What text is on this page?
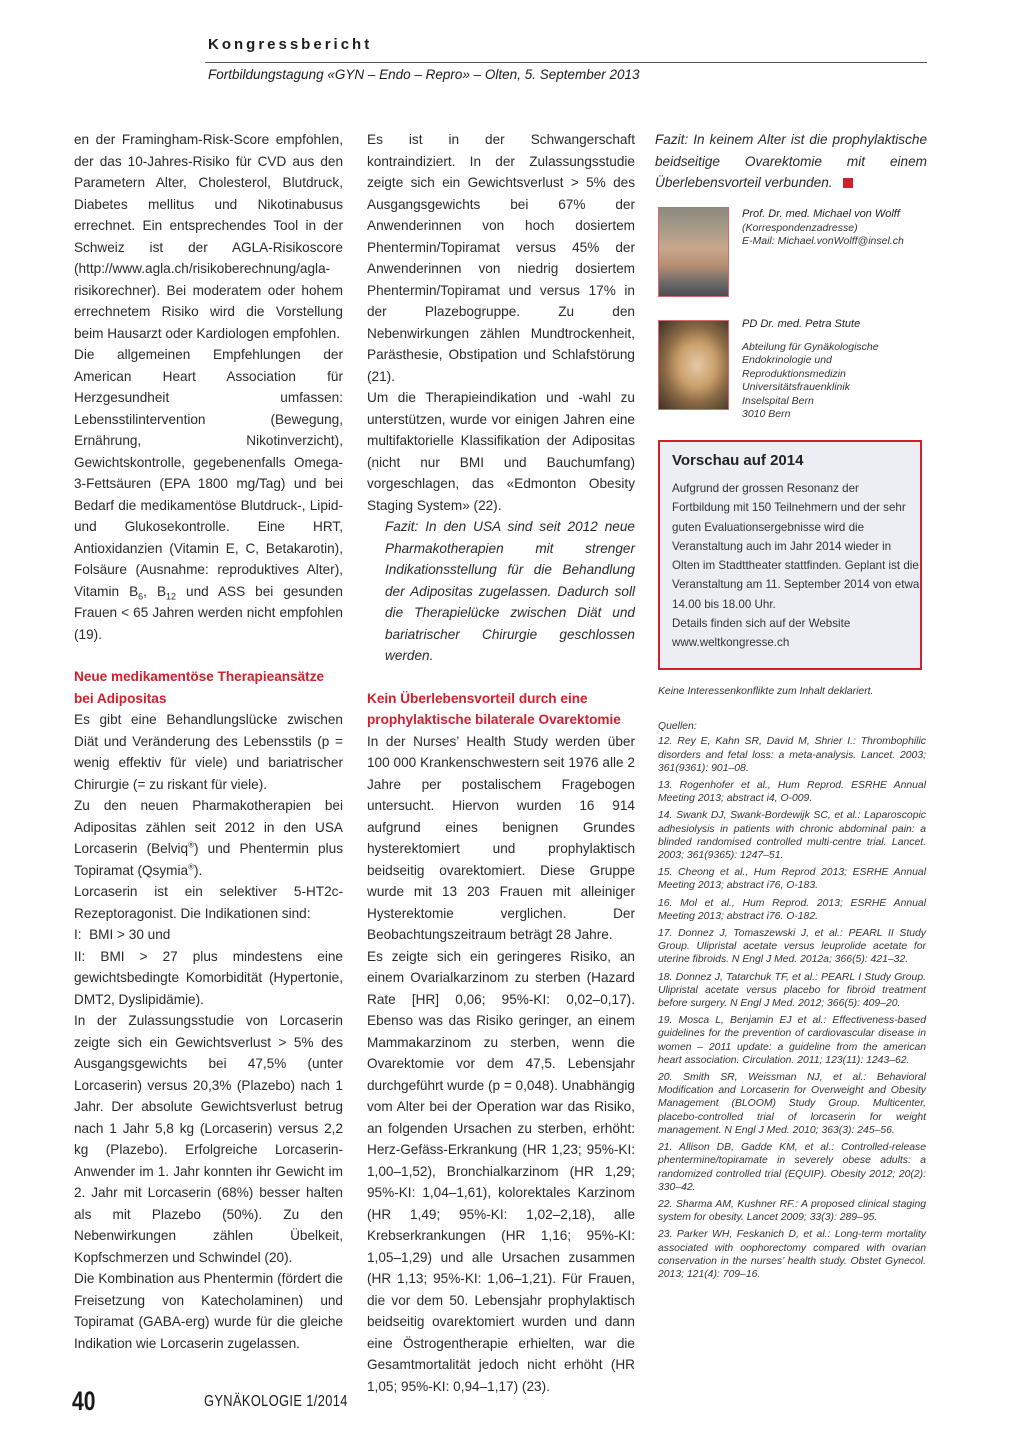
Kongressbericht
Fortbildungstagung «GYN – Endo – Repro» – Olten, 5. September 2013

en der Framingham-Risk-Score empfohlen, der das 10-Jahres-Risiko für CVD aus den Parametern Alter, Cholesterol, Blutdruck, Diabetes mellitus und Nikotinabusus errechnet. Ein entsprechendes Tool in der Schweiz ist der AGLA-Risikoscore (http://www.agla.ch/risikoberechnung/agla-risikorechner). Bei moderatem oder hohem errechnetem Risiko wird die Vorstellung beim Hausarzt oder Kardiologen empfohlen.

Die allgemeinen Empfehlungen der American Heart Association für Herzgesundheit umfassen: Lebensstilintervention (Bewegung, Ernährung, Nikotinverzicht), Gewichtskontrolle, gegebenenfalls Omega-3-Fettsäuren (EPA 1800 mg/Tag) und bei Bedarf die medikamentöse Blutdruck-, Lipid- und Glukosekontrolle. Eine HRT, Antioxidanzien (Vitamin E, C, Betakarotin), Folsäure (Ausnahme: reproduktives Alter), Vitamin $B_6$, $B_{12}$ und ASS bei gesunden Frauen < 65 Jahren werden nicht empfohlen (19).

Neue medikamentöse Therapieansätze bei Adipositas

Es gibt eine Behandlungslücke zwischen Diät und Veränderung des Lebensstils (p = wenig effektiv für viele) und bariatrischer Chirurgie (= zu riskant für viele).

Zu den neuen Pharmakotherapien bei Adipositas zählen seit 2012 in den USA Lorcaserin (Belviq®) und Phentermin plus Topiramat (Qsymia®).

Lorcaserin ist ein selektiver 5-HT2c-Rezeptoragonist. Die Indikationen sind:

I:  BMI > 30 und

II: BMI > 27 plus mindestens eine gewichtsbedingte Komorbidität (Hypertonie, DMT2, Dyslipidämie).

In der Zulassungsstudie von Lorcaserin zeigte sich ein Gewichtsverlust > 5% des Ausgangsgewichts bei 47,5% (unter Lorcaserin) versus 20,3% (Plazebo) nach 1 Jahr. Der absolute Gewichtsverlust betrug nach 1 Jahr 5,8 kg (Lorcaserin) versus 2,2 kg (Plazebo). Erfolgreiche Lorcaserin-Anwender im 1. Jahr konnten ihr Gewicht im 2. Jahr mit Lorcaserin (68%) besser halten als mit Plazebo (50%). Zu den Nebenwirkungen zählen Übelkeit, Kopfschmerzen und Schwindel (20).

Die Kombination aus Phentermin (fördert die Freisetzung von Katecholaminen) und Topiramat (GABA-erg) wurde für die gleiche Indikation wie Lorcaserin zugelassen.

Es ist in der Schwangerschaft kontraindiziert. In der Zulassungsstudie zeigte sich ein Gewichtsverlust > 5% des Ausgangsgewichts bei 67% der Anwenderinnen von hoch dosiertem Phentermin/Topiramat versus 45% der Anwenderinnen von niedrig dosiertem Phentermin/Topiramat und versus 17% in der Plazebogruppe. Zu den Nebenwirkungen zählen Mundtrockenheit, Parästhesie, Obstipation und Schlafstörung (21).

Um die Therapieindikation und -wahl zu unterstützen, wurde vor einigen Jahren eine multifaktorielle Klassifikation der Adipositas (nicht nur BMI und Bauchumfang) vorgeschlagen, das «Edmonton Obesity Staging System» (22).

Fazit: In den USA sind seit 2012 neue Pharmakotherapien mit strenger Indikationsstellung für die Behandlung der Adipositas zugelassen. Dadurch soll die Therapielücke zwischen Diät und bariatrischer Chirurgie geschlossen werden.

Kein Überlebensvorteil durch eine prophylaktische bilaterale Ovarektomie

In der Nurses’ Health Study werden über 100 000 Krankenschwestern seit 1976 alle 2 Jahre per postalischem Fragebogen untersucht. Hiervon wurden 16 914 aufgrund eines benignen Grundes hysterektomiert und prophylaktisch beidseitig ovarektomiert. Diese Gruppe wurde mit 13 203 Frauen mit alleiniger Hysterektomie verglichen. Der Beobachtungszeitraum beträgt 28 Jahre.

Es zeigte sich ein geringeres Risiko, an einem Ovarialkarzinom zu sterben (Hazard Rate [HR] 0,06; 95%-KI: 0,02–0,17). Ebenso was das Risiko geringer, an einem Mammakarzinom zu sterben, wenn die Ovarektomie vor dem 47,5. Lebensjahr durchgeführt wurde (p = 0,048). Unabhängig vom Alter bei der Operation war das Risiko, an folgenden Ursachen zu sterben, erhöht: Herz-Gefäss-Erkrankung (HR 1,23; 95%-KI: 1,00–1,52), Bronchialkarzinom (HR 1,29; 95%-KI: 1,04–1,61), kolorektales Karzinom (HR 1,49; 95%-KI: 1,02–2,18), alle Krebserkrankungen (HR 1,16; 95%-KI: 1,05–1,29) und alle Ursachen zusammen (HR 1,13; 95%-KI: 1,06–1,21). Für Frauen, die vor dem 50. Lebensjahr prophylaktisch beidseitig ovarektomiert wurden und dann eine Östrogentherapie erhielten, war die Gesamtmortalität jedoch nicht erhöht (HR 1,05; 95%-KI: 0,94–1,17) (23).

Fazit: In keinem Alter ist die prophylaktische beidseitige Ovarektomie mit einem Überlebensvorteil verbunden.

Prof. Dr. med. Michael von Wolff
(Korrespondenzadresse)
E-Mail: Michael.vonWolff@insel.ch
PD Dr. med. Petra Stute
Abteilung für Gynäkologische Endokrinologie und Reproduktionsmedizin
Universitätsfrauenklinik
Inselspital Bern
3010 Bern
Vorschau auf 2014
Aufgrund der grossen Resonanz der Fortbildung mit 150 Teilnehmern und der sehr guten Evaluationsergebnisse wird die Veranstaltung auch im Jahr 2014 wieder in Olten im Stadttheater stattfinden. Geplant ist die Veranstaltung am 11. September 2014 von etwa 14.00 bis 18.00 Uhr.
Details finden sich auf der Website
www.weltkongresse.ch
Keine Interessenkonflikte zum Inhalt deklariert.
Quellen:

12. Rey E, Kahn SR, David M, Shrier I.: Thrombophilic disorders and fetal loss: a meta-analysis. Lancet. 2003; 361(9361): 901–08.

13. Rogenhofer et al., Hum Reprod. ESRHE Annual Meeting 2013; abstract i4, O-009.

14. Swank DJ, Swank-Bordewijk SC, et al.: Laparoscopic adhesiolysis in patients with chronic abdominal pain: a blinded randomised controlled multi-centre trial. Lancet. 2003; 361(9365): 1247–51.

15. Cheong et al., Hum Reprod 2013; ESRHE Annual Meeting 2013; abstract i76, O-183.

16. Mol et al., Hum Reprod. 2013; ESRHE Annual Meeting 2013; abstract i76. O-182.

17. Donnez J, Tomaszewski J, et al.: PEARL II Study Group. Ulipristal acetate versus leuprolide acetate for uterine fibroids. N Engl J Med. 2012a; 366(5): 421–32.

18. Donnez J, Tatarchuk TF, et al.: PEARL I Study Group. Ulipristal acetate versus placebo for fibroid treatment before surgery. N Engl J Med. 2012; 366(5): 409–20.

19. Mosca L, Benjamin EJ et al.: Effectiveness-based guidelines for the prevention of cardiovascular disease in women – 2011 update: a guideline from the american heart association. Circulation. 2011; 123(11): 1243–62.

20. Smith SR, Weissman NJ, et al.: Behavioral Modification and Lorcaserin for Overweight and Obesity Management (BLOOM) Study Group. Multicenter, placebo-controlled trial of lorcaserin for weight management. N Engl J Med. 2010; 363(3): 245–56.

21. Allison DB, Gadde KM, et al.: Controlled-release phentermine/topiramate in severely obese adults: a randomized controlled trial (EQUIP). Obesity 2012; 20(2): 330–42.

22. Sharma AM, Kushner RF.: A proposed clinical staging system for obesity. Lancet 2009; 33(3): 289–95.

23. Parker WH, Feskanich D, et al.: Long-term mortality associated with oophorectomy compared with ovarian conservation in the nurses’ health study. Obstet Gynecol. 2013; 121(4): 709–16.

40	GYNÄKOLOGIE 1/2014
